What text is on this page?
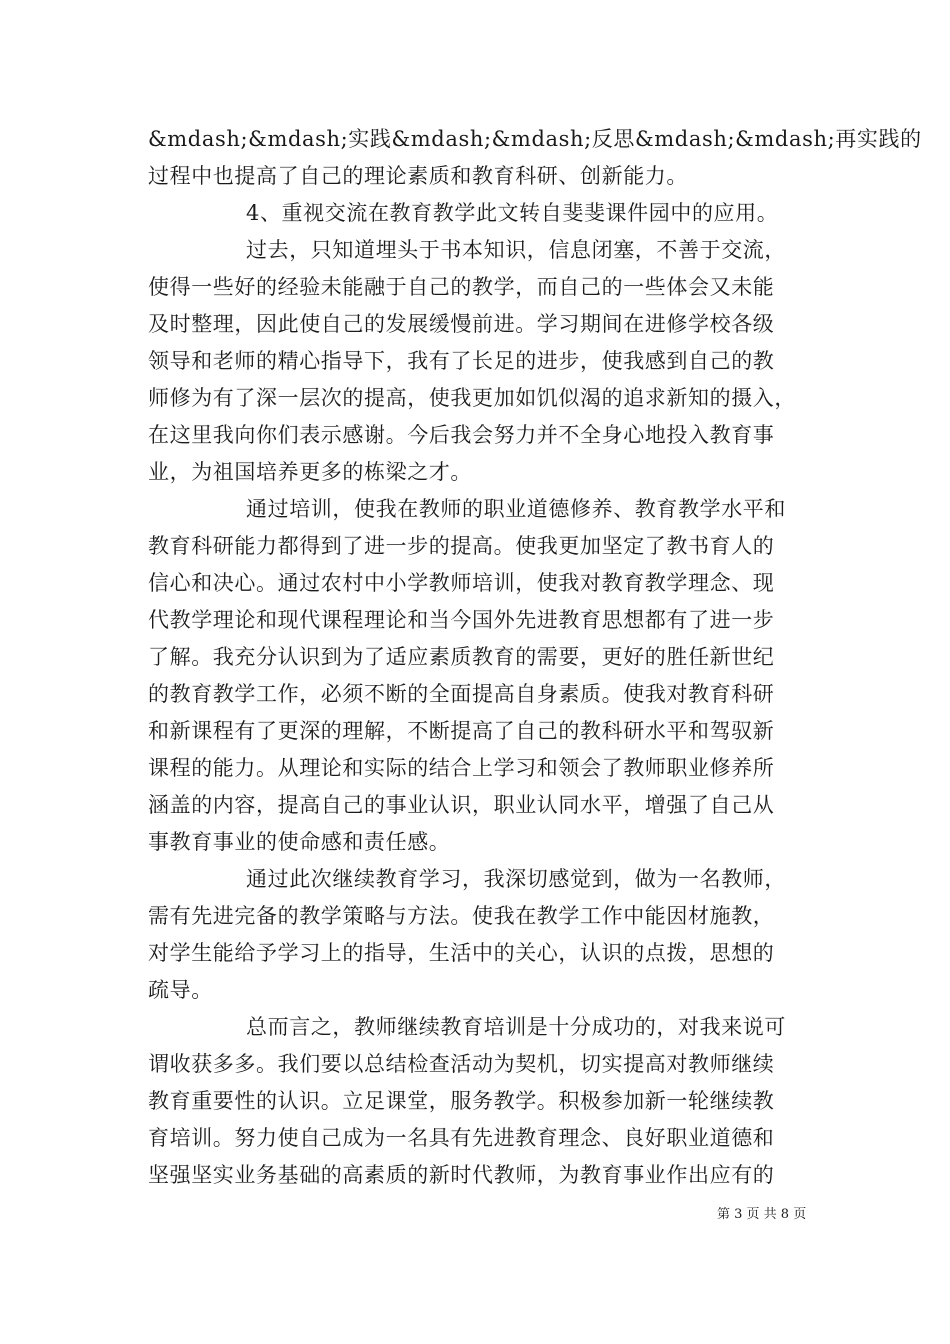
&mdash;&mdash;实践&mdash;&mdash;反思&mdash;&mdash;再实践的
过程中也提高了自己的理论素质和教育科研、创新能力。
4、重视交流在教育教学此文转自斐斐课件园中的应用。
过去，只知道埋头于书本知识，信息闭塞，不善于交流，
使得一些好的经验未能融于自己的教学，而自己的一些体会又未能
及时整理，因此使自己的发展缓慢前进。学习期间在进修学校各级
领导和老师的精心指导下，我有了长足的进步，使我感到自己的教
师修为有了深一层次的提高，使我更加如饥似渴的追求新知的摄入，
在这里我向你们表示感谢。今后我会努力并不全身心地投入教育事
业，为祖国培养更多的栋梁之才。
通过培训，使我在教师的职业道德修养、教育教学水平和
教育科研能力都得到了进一步的提高。使我更加坚定了教书育人的
信心和决心。通过农村中小学教师培训，使我对教育教学理念、现
代教学理论和现代课程理论和当今国外先进教育思想都有了进一步
了解。我充分认识到为了适应素质教育的需要，更好的胜任新世纪
的教育教学工作，必须不断的全面提高自身素质。使我对教育科研
和新课程有了更深的理解，不断提高了自己的教科研水平和驾驭新
课程的能力。从理论和实际的结合上学习和领会了教师职业修养所
涵盖的内容，提高自己的事业认识，职业认同水平，增强了自己从
事教育事业的使命感和责任感。
通过此次继续教育学习，我深切感觉到，做为一名教师，
需有先进完备的教学策略与方法。使我在教学工作中能因材施教，
对学生能给予学习上的指导，生活中的关心，认识的点拨，思想的
疏导。
总而言之，教师继续教育培训是十分成功的，对我来说可
谓收获多多。我们要以总结检查活动为契机，切实提高对教师继续
教育重要性的认识。立足课堂，服务教学。积极参加新一轮继续教
育培训。努力使自己成为一名具有先进教育理念、良好职业道德和
坚强坚实业务基础的高素质的新时代教师，为教育事业作出应有的
第 3 页 共 8 页
